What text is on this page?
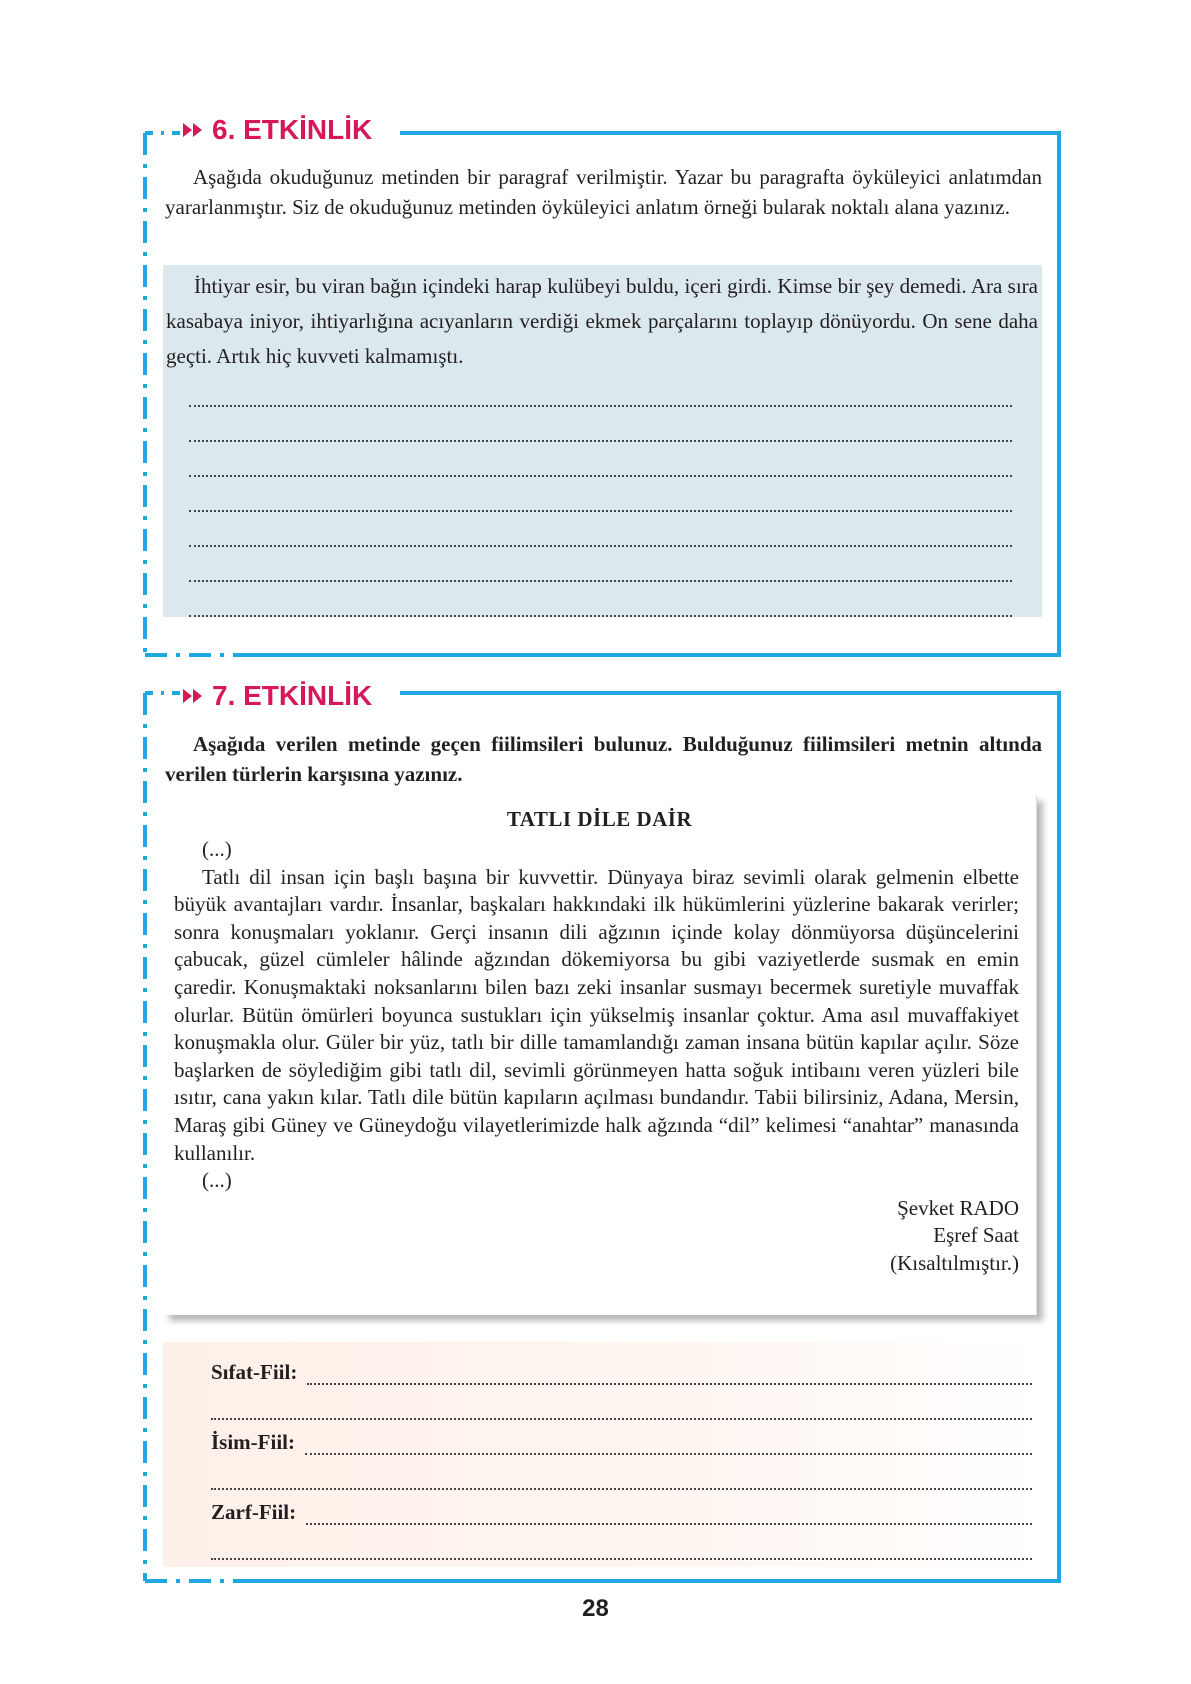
6. ETKİNLİK
Aşağıda okuduğunuz metinden bir paragraf verilmiştir. Yazar bu paragrafta öyküleyici anlatımdan yararlanmıştır. Siz de okuduğunuz metinden öyküleyici anlatım örneği bularak noktalı alana yazınız.
İhtiyar esir, bu viran bağın içindeki harap kulübeyi buldu, içeri girdi. Kimse bir şey demedi. Ara sıra kasabaya iniyor, ihtiyarlığına acıyanların verdiği ekmek parçalarını toplayıp dönüyordu. On sene daha geçti. Artık hiç kuvveti kalmamıştı.
7. ETKİNLİK
Aşağıda verilen metinde geçen fiilimsileri bulunuz. Bulduğunuz fiilimsileri metnin altında verilen türlerin karşısına yazınız.
TATLI DİLE DAİR
(...)
Tatlı dil insan için başlı başına bir kuvvettir. Dünyaya biraz sevimli olarak gelmenin elbette büyük avantajları vardır. İnsanlar, başkaları hakkındaki ilk hükümlerini yüzlerine bakarak verirler; sonra konuşmaları yoklanır. Gerçi insanın dili ağzının içinde kolay dönmüyorsa düşüncelerini çabucak, güzel cümleler hâlinde ağzından dökemiyorsa bu gibi vaziyetlerde susmak en emin çaredir. Konuşmaktaki noksanlarını bilen bazı zeki insanlar susmayı becermek suretiyle muvaffak olurlar. Bütün ömürleri boyunca sustukları için yükselmiş insanlar çoktur. Ama asıl muvaffakiyet konuşmakla olur. Güler bir yüz, tatlı bir dille tamamlandığı zaman insana bütün kapılar açılır. Söze başlarken de söylediğim gibi tatlı dil, sevimli görünmeyen hatta soğuk intibaını veren yüzleri bile ısıtır, cana yakın kılar. Tatlı dile bütün kapıların açılması bundandır. Tabii bilirsiniz, Adana, Mersin, Maraş gibi Güney ve Güneydoğu vilayetlerimizde halk ağzında “dil” kelimesi “anahtar” manasında kullanılır.
(...)
Şevket RADO
Eşref Saat
(Kısaltılmıştır.)
Sıfat-Fiil:
İsim-Fiil:
Zarf-Fiil:
28
